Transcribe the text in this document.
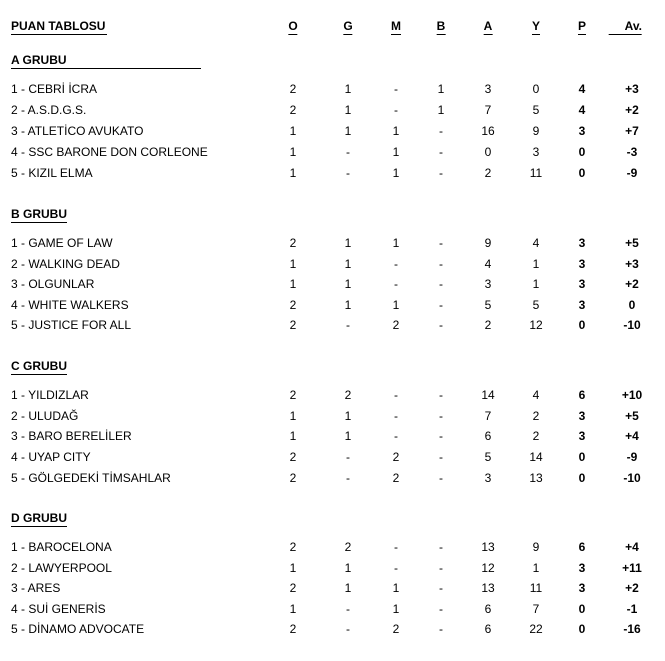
PUAN TABLOSU	O	G	M	B	A	Y	P	Av.
A GRUBU
1 - CEBRİ İCRA	2	1	-	1	3	0	4	+3
2 - A.S.D.G.S.	2	1	-	1	7	5	4	+2
3 - ATLETİCO AVUKATO	1	1	1	-	16	9	3	+7
4 - SSC BARONE DON CORLEONE	1	-	1	-	0	3	0	-3
5 - KIZIL ELMA	1	-	1	-	2	11	0	-9
B GRUBU
1 - GAME OF LAW	2	1	1	-	9	4	3	+5
2 - WALKING DEAD	1	1	-	-	4	1	3	+3
3 - OLGUNLAR	1	1	-	-	3	1	3	+2
4 - WHITE WALKERS	2	1	1	-	5	5	3	0
5 - JUSTICE FOR ALL	2	-	2	-	2	12	0	-10
C GRUBU
1 - YILDIZLAR	2	2	-	-	14	4	6	+10
2 - ULUDAĞ	1	1	-	-	7	2	3	+5
3 - BARO BERELİLER	1	1	-	-	6	2	3	+4
4 - UYAP CITY	2	-	2	-	5	14	0	-9
5 - GÖLGEDEKİ TİMSAHLAR	2	-	2	-	3	13	0	-10
D GRUBU
1 - BAROCELONA	2	2	-	-	13	9	6	+4
2 - LAWYERPOOL	1	1	-	-	12	1	3	+11
3 - ARES	2	1	1	-	13	11	3	+2
4 - SUİ GENERİS	1	-	1	-	6	7	0	-1
5 - DİNAMO ADVOCATE	2	-	2	-	6	22	0	-16
